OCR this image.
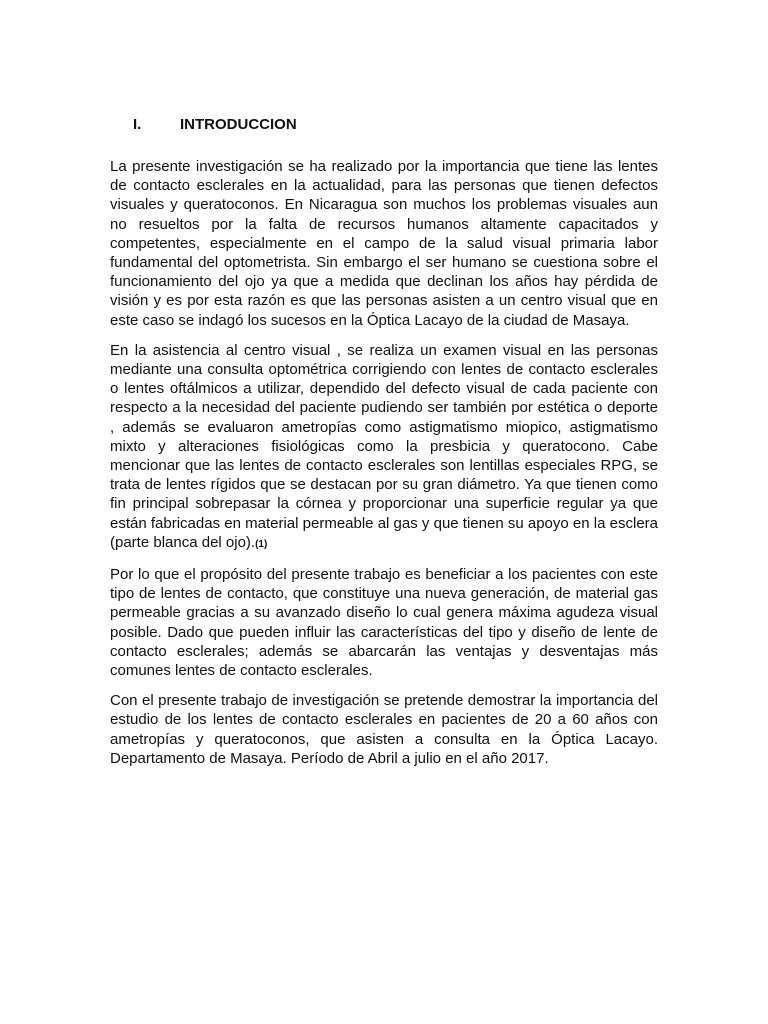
I.	INTRODUCCION

La presente investigación se ha realizado por la importancia que tiene las lentes de contacto esclerales en la actualidad, para las personas que tienen defectos visuales y queratoconos. En Nicaragua son muchos los problemas visuales aun no resueltos por la falta de recursos humanos altamente capacitados y competentes, especialmente en el campo de la salud visual primaria labor fundamental del optometrista. Sin embargo el ser humano se cuestiona sobre el funcionamiento del ojo ya que a medida que declinan los años hay pérdida de visión y es por esta razón es que las personas asisten a un centro visual que en este caso se indagó los sucesos en la Óptica Lacayo de la ciudad de Masaya.

En la asistencia al centro visual , se realiza un examen visual en las personas mediante una consulta optométrica corrigiendo con lentes de contacto esclerales o lentes oftálmicos a utilizar, dependido del defecto visual de cada paciente con respecto a la necesidad del paciente pudiendo ser también por estética o deporte , además se evaluaron ametropías como astigmatismo miopico, astigmatismo mixto y alteraciones fisiológicas como la presbicia y queratocono. Cabe mencionar que las lentes de contacto esclerales son lentillas especiales RPG, se trata de lentes rígidos que se destacan por su gran diámetro. Ya que tienen como fin principal sobrepasar la córnea y proporcionar una superficie regular ya que están fabricadas en material permeable al gas y que tienen su apoyo en la esclera (parte blanca del ojo).(1)

Por lo que el propósito del presente trabajo es beneficiar a los pacientes con este tipo de lentes de contacto, que constituye una nueva generación, de material gas permeable gracias a su avanzado diseño lo cual genera máxima agudeza visual posible. Dado que pueden influir las características del tipo y diseño de lente de contacto esclerales; además se abarcarán las ventajas y desventajas más comunes lentes de contacto esclerales.

Con el presente trabajo de investigación se pretende demostrar la importancia del estudio de los lentes de contacto esclerales en pacientes de 20 a 60 años con ametropías y queratoconos, que asisten a consulta en la Óptica Lacayo. Departamento de Masaya. Período de Abril a julio en el año 2017.
